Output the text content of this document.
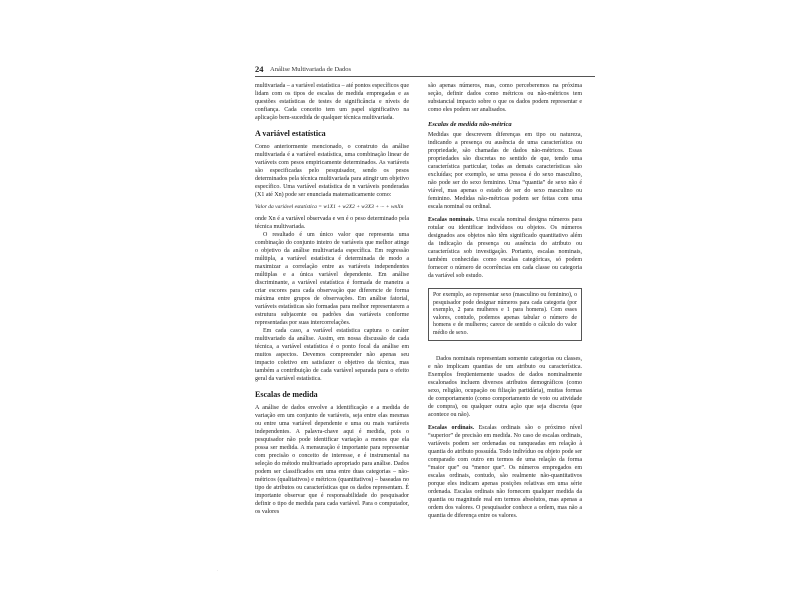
24 Análise Multivariada de Dados

multivariada – a variável estatística – até pontos específicos que lidam com os tipos de escalas de medida empregadas e as questões estatísticas de testes de significância e níveis de confiança. Cada conceito tem um papel significativo na aplicação bem-sucedida de qualquer técnica multivariada.

A variável estatística

Como anteriormente mencionado, o construto da análise multivariada é a variável estatística, uma combinação linear de variáveis com pesos empiricamente determinados. As variáveis são especificadas pelo pesquisador, sendo os pesos determinados pela técnica multivariada para atingir um objetivo específico. Uma variável estatística de n variáveis ponderadas (X1 até Xn) pode ser enunciada matematicamente como:

Valor da variável estatística = w1X1 + w2X2 + w3X3 + ··· + wnXn

onde Xn é a variável observada e wn é o peso determinado pela técnica multivariada.

O resultado é um único valor que representa uma combinação do conjunto inteiro de variáveis que melhor atinge o objetivo da análise multivariada específica. Em regressão múltipla, a variável estatística é determinada de modo a maximizar a correlação entre as variáveis independentes múltiplas e a única variável dependente. Em análise discriminante, a variável estatística é formada de maneira a criar escores para cada observação que diferencie de forma máxima entre grupos de observações. Em análise fatorial, variáveis estatísticas são formadas para melhor representarem a estrutura subjacente ou padrões das variáveis conforme representadas por suas intercorrelações.

Em cada caso, a variável estatística captura o caráter multivariado da análise. Assim, em nossa discussão de cada técnica, a variável estatística é o ponto focal da análise em muitos aspectos. Devemos compreender não apenas seu impacto coletivo em satisfazer o objetivo da técnica, mas também a contribuição de cada variável separada para o efeito geral da variável estatística.

Escalas de medida

A análise de dados envolve a identificação e a medida de variação em um conjunto de variáveis, seja entre elas mesmas ou entre uma variável dependente e uma ou mais variáveis independentes. A palavra-chave aqui é medida, pois o pesquisador não pode identificar variação a menos que ela possa ser medida. A mensuração é importante para representar com precisão o conceito de interesse, e é instrumental na seleção do método multivariado apropriado para análise. Dados podem ser classificados em uma entre duas categorias – não-métricos (qualitativos) e métricos (quantitativos) – baseadas no tipo de atributos ou características que os dados representam. É importante observar que é responsabilidade do pesquisador definir o tipo de medida para cada variável. Para o computador, os valores

são apenas números, mas, como perceberemos na próxima seção, definir dados como métricos ou não-métricos tem substancial impacto sobre o que os dados podem representar e como eles podem ser analisados.

Escalas de medida não-métrica

Medidas que descrevem diferenças em tipo ou natureza, indicando a presença ou ausência de uma característica ou propriedade, são chamadas de dados não-métricos. Essas propriedades são discretas no sentido de que, tendo uma característica particular, todas as demais características são excluídas; por exemplo, se uma pessoa é do sexo masculino, não pode ser do sexo feminino. Uma “quantia” de sexo não é viável, mas apenas o estado de ser do sexo masculino ou feminino. Medidas não-métricas podem ser feitas com uma escala nominal ou ordinal.

Escalas nominais. Uma escala nominal designa números para rotular ou identificar indivíduos ou objetos. Os números designados aos objetos não têm significado quantitativo além da indicação da presença ou ausência do atributo ou característica sob investigação. Portanto, escalas nominais, também conhecidas como escalas categóricas, só podem fornecer o número de ocorrências em cada classe ou categoria da variável sob estudo.

Por exemplo, ao representar sexo (masculino ou feminino), o pesquisador pode designar números para cada categoria (por exemplo, 2 para mulheres e 1 para homens). Com esses valores, contudo, podemos apenas tabular o número de homens e de mulheres; carece de sentido o cálculo do valor médio de sexo.

Dados nominais representam somente categorias ou classes, e não implicam quantias de um atributo ou característica. Exemplos freqüentemente usados de dados nominalmente escalonados incluem diversos atributos demográficos (como sexo, religião, ocupação ou filiação partidária), muitas formas de comportamento (como comportamento de voto ou atividade de compra), ou qualquer outra ação que seja discreta (que acontece ou não).

Escalas ordinais. Escalas ordinais são o próximo nível “superior” de precisão em medida. No caso de escalas ordinais, variáveis podem ser ordenadas ou ranqueadas em relação à quantia do atributo possuída. Todo indivíduo ou objeto pode ser comparado com outro em termos de uma relação da forma “maior que” ou “menor que”. Os números empregados em escalas ordinais, contudo, são realmente não-quantitativos porque eles indicam apenas posições relativas em uma série ordenada. Escalas ordinais não fornecem qualquer medida da quantia ou magnitude real em termos absolutos, mas apenas a ordem dos valores. O pesquisador conhece a ordem, mas não a quantia de diferença entre os valores.

.
